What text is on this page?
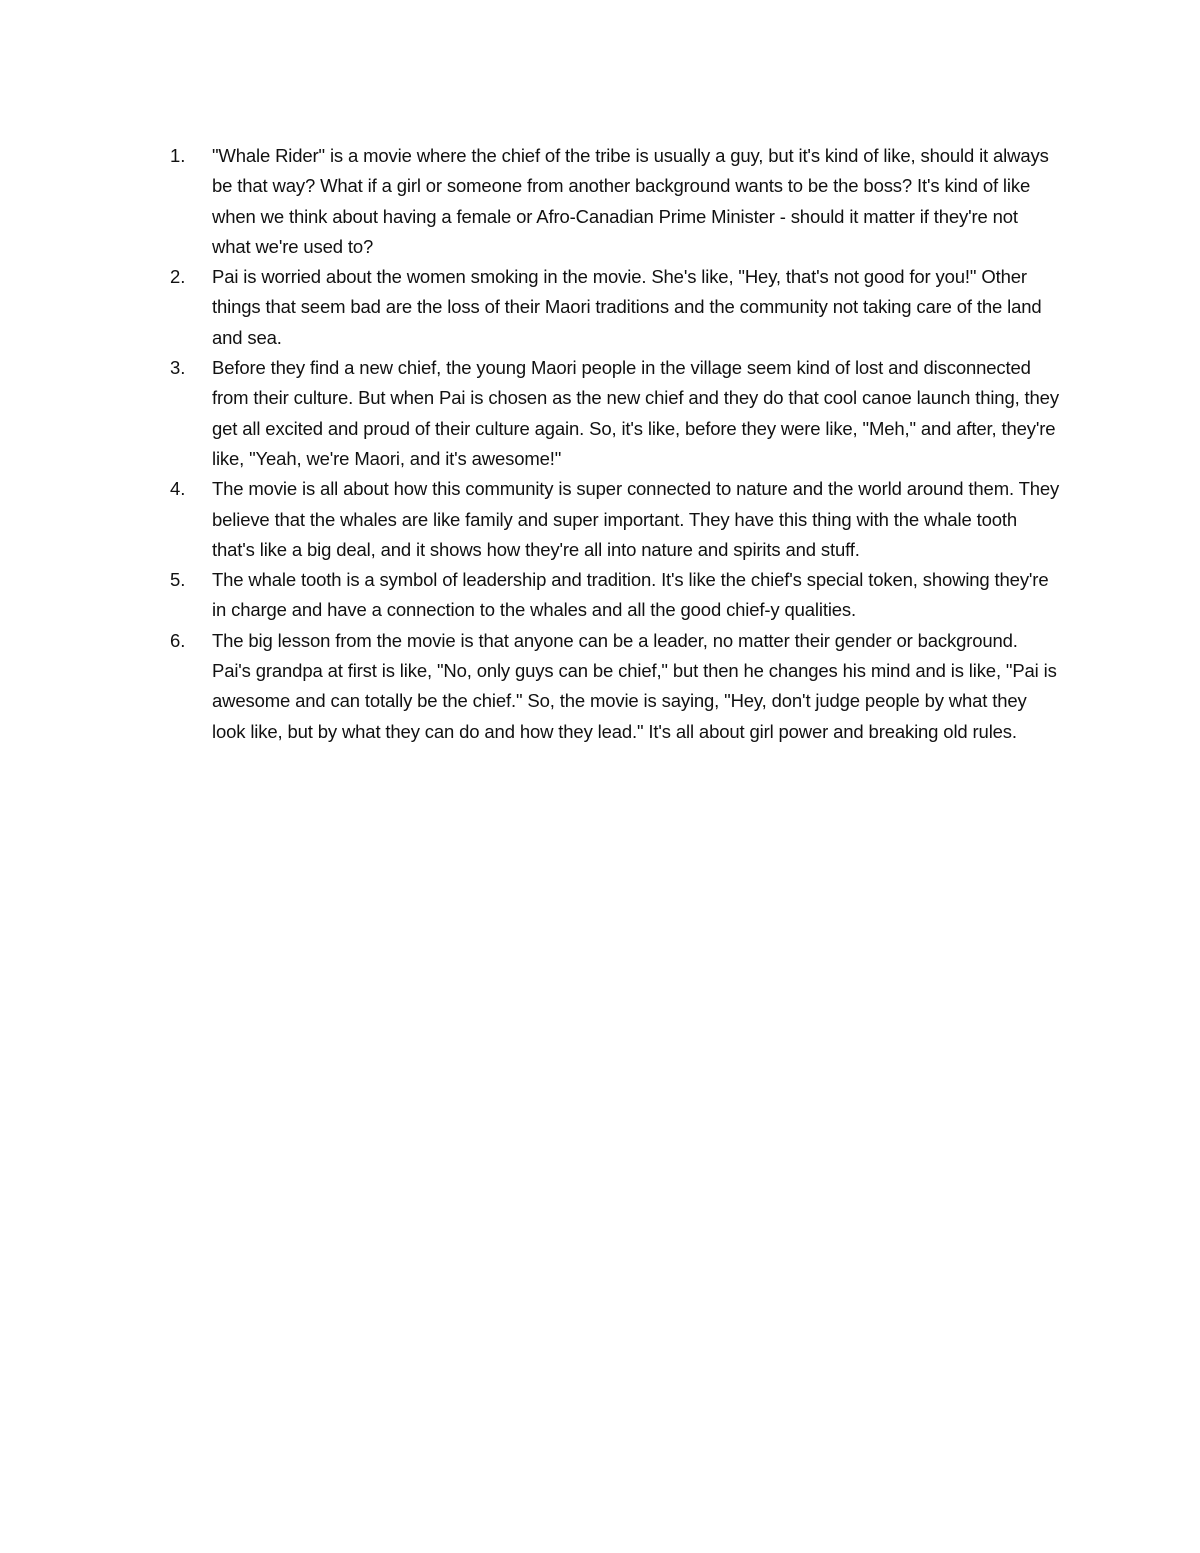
1.	"Whale Rider" is a movie where the chief of the tribe is usually a guy, but it's kind of like, should it always be that way? What if a girl or someone from another background wants to be the boss? It's kind of like when we think about having a female or Afro-Canadian Prime Minister - should it matter if they're not what we're used to?
2.	Pai is worried about the women smoking in the movie. She's like, "Hey, that's not good for you!" Other things that seem bad are the loss of their Maori traditions and the community not taking care of the land and sea.
3.	Before they find a new chief, the young Maori people in the village seem kind of lost and disconnected from their culture. But when Pai is chosen as the new chief and they do that cool canoe launch thing, they get all excited and proud of their culture again. So, it's like, before they were like, "Meh," and after, they're like, "Yeah, we're Maori, and it's awesome!"
4.	The movie is all about how this community is super connected to nature and the world around them. They believe that the whales are like family and super important. They have this thing with the whale tooth that's like a big deal, and it shows how they're all into nature and spirits and stuff.
5.	The whale tooth is a symbol of leadership and tradition. It's like the chief's special token, showing they're in charge and have a connection to the whales and all the good chief-y qualities.
6.	The big lesson from the movie is that anyone can be a leader, no matter their gender or background. Pai's grandpa at first is like, "No, only guys can be chief," but then he changes his mind and is like, "Pai is awesome and can totally be the chief." So, the movie is saying, "Hey, don't judge people by what they look like, but by what they can do and how they lead." It's all about girl power and breaking old rules.
